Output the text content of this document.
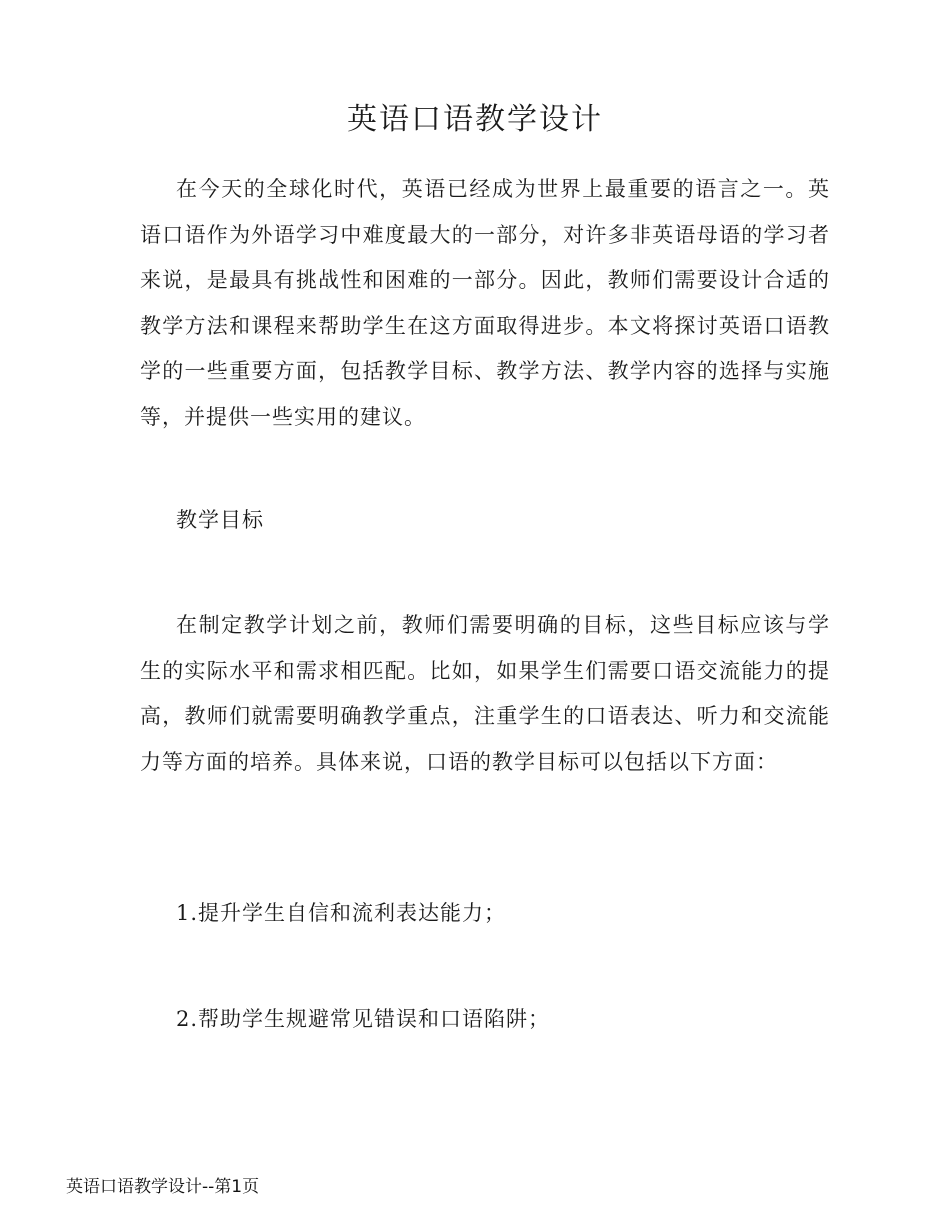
英语口语教学设计

在今天的全球化时代，英语已经成为世界上最重要的语言之一。英语口语作为外语学习中难度最大的一部分，对许多非英语母语的学习者来说，是最具有挑战性和困难的一部分。因此，教师们需要设计合适的教学方法和课程来帮助学生在这方面取得进步。本文将探讨英语口语教学的一些重要方面，包括教学目标、教学方法、教学内容的选择与实施等，并提供一些实用的建议。

教学目标

在制定教学计划之前，教师们需要明确的目标，这些目标应该与学生的实际水平和需求相匹配。比如，如果学生们需要口语交流能力的提高，教师们就需要明确教学重点，注重学生的口语表达、听力和交流能力等方面的培养。具体来说，口语的教学目标可以包括以下方面：

1.提升学生自信和流利表达能力；

2.帮助学生规避常见错误和口语陷阱；

英语口语教学设计--第1页
